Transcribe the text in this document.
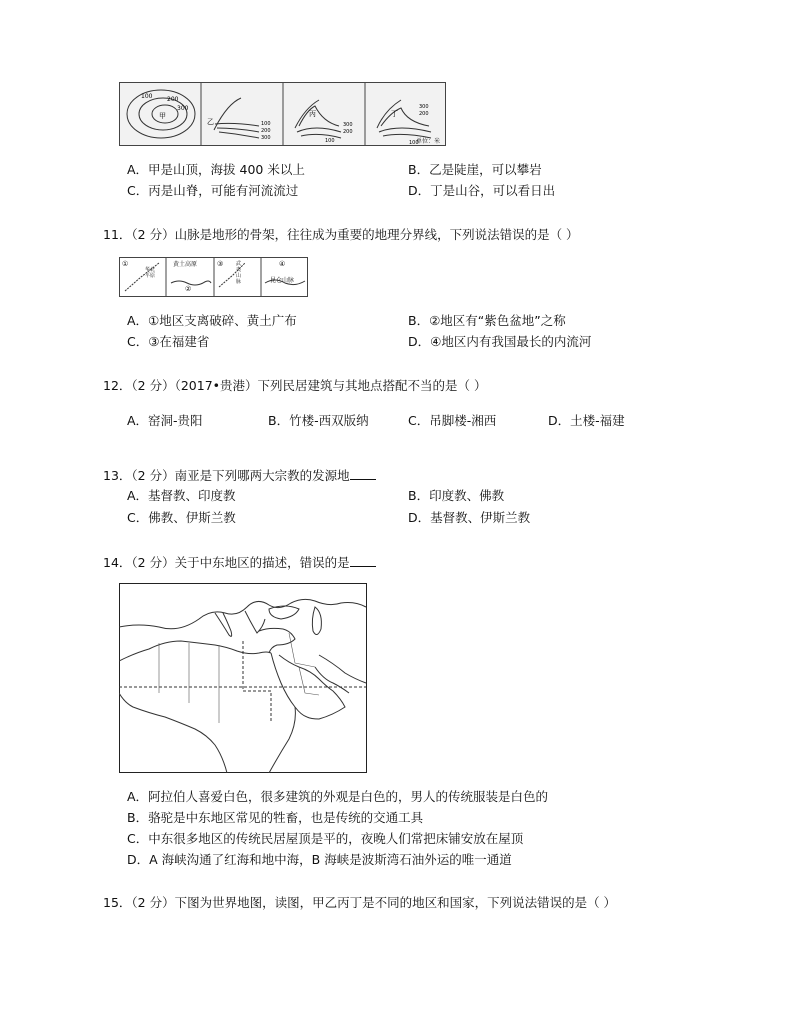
100 200
300
甲
乙	100
200
300
丙
300
200
100
丁
300
200
100
单位：米
A．甲是山顶，海拔 400 米以上	B．乙是陡崖，可以攀岩
C．丙是山脊，可能有河流流过	D．丁是山谷，可以看日出
11．（2 分）山脉是地形的骨架，往往成为重要的地理分界线，下列说法错误的是（ ）
①
华北平原
黄土高原
②
③	武夷山脉
④
昆仑山脉
A．①地区支离破碎、黄土广布	B．②地区有“紫色盆地”之称
C．③在福建省	D．④地区内有我国最长的内流河
12．（2 分）（2017•贵港）下列民居建筑与其地点搭配不当的是（ ）
A．窑洞-贵阳	B．竹楼-西双版纳	C．吊脚楼-湘西	D．土楼-福建
13．（2 分）南亚是下列哪两大宗教的发源地
A．基督教、印度教	B．印度教、佛教
C．佛教、伊斯兰教	D．基督教、伊斯兰教
14．（2 分）关于中东地区的描述，错误的是
A．阿拉伯人喜爱白色，很多建筑的外观是白色的，男人的传统服装是白色的
B．骆驼是中东地区常见的牲畜，也是传统的交通工具
C．中东很多地区的传统民居屋顶是平的，夜晚人们常把床铺安放在屋顶
D．A 海峡沟通了红海和地中海，B 海峡是波斯湾石油外运的唯一通道
15．（2 分）下图为世界地图，读图，甲乙丙丁是不同的地区和国家，下列说法错误的是（ ）
